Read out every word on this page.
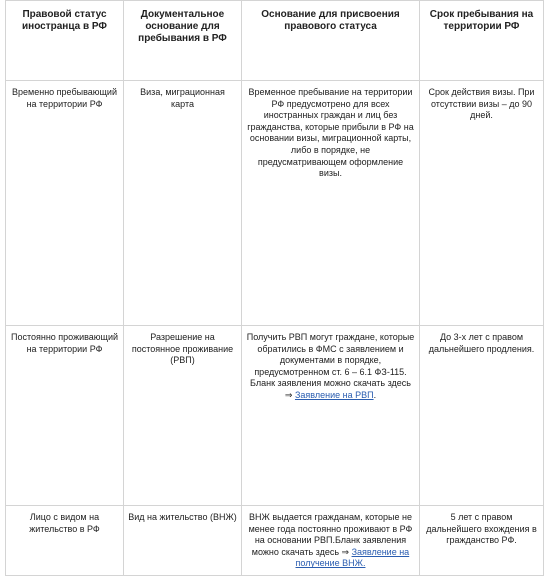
Правовой статус иностранца в РФ	Документальное основание для пребывания в РФ	Основание для присвоения правового статуса	Срок пребывания на территории РФ
Временно пребывающий на территории РФ	Виза, миграционная карта	Временное пребывание на территории РФ предусмотрено для всех иностранных граждан и лиц без гражданства, которые прибыли в РФ на основании визы, миграционной карты, либо в порядке, не предусматривающем оформление визы.	Срок действия визы. При отсутствии визы – до 90 дней.
Постоянно проживающий на территории РФ	Разрешение на постоянное проживание (РВП)	Получить РВП могут граждане, которые обратились в ФМС с заявлением и документами в порядке, предусмотренном ст. 6 – 6.1 ФЗ-115. Бланк заявления можно скачать здесь ⇒ Заявление на РВП.	До 3-х лет с правом дальнейшего продления.
Лицо с видом на жительство в РФ	Вид на жительство (ВНЖ)	ВНЖ выдается гражданам, которые не менее года постоянно проживают в РФ на основании РВП.Бланк заявления можно скачать здесь ⇒ Заявление на получение ВНЖ.	5 лет с правом дальнейшего вхождения в гражданство РФ.
